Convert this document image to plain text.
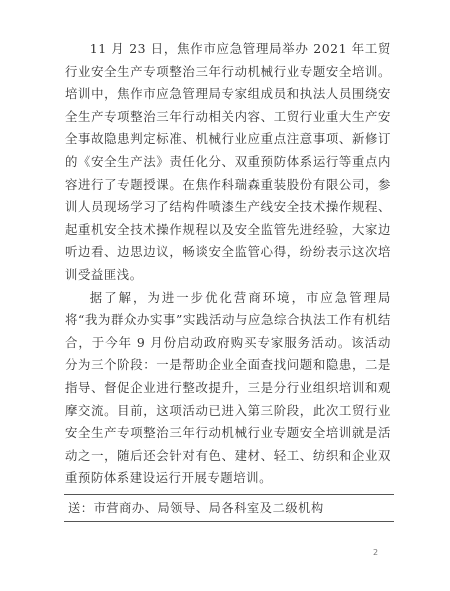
11 月 23 日，焦作市应急管理局举办 2021 年工贸行业安全生产专项整治三年行动机械行业专题安全培训。培训中，焦作市应急管理局专家组成员和执法人员围绕安全生产专项整治三年行动相关内容、工贸行业重大生产安全事故隐患判定标准、机械行业应重点注意事项、新修订的《安全生产法》责任化分、双重预防体系运行等重点内容进行了专题授课。在焦作科瑞森重装股份有限公司，参训人员现场学习了结构件喷漆生产线安全技术操作规程、起重机安全技术操作规程以及安全监管先进经验，大家边听边看、边思边议，畅谈安全监管心得，纷纷表示这次培训受益匪浅。

据了解，为进一步优化营商环境，市应急管理局将“我为群众办实事”实践活动与应急综合执法工作有机结合，于今年 9 月份启动政府购买专家服务活动。该活动分为三个阶段：一是帮助企业全面查找问题和隐患，二是指导、督促企业进行整改提升，三是分行业组织培训和观摩交流。目前，这项活动已进入第三阶段，此次工贸行业安全生产专项整治三年行动机械行业专题安全培训就是活动之一，随后还会针对有色、建材、轻工、纺织和企业双重预防体系建设运行开展专题培训。

送：市营商办、局领导、局各科室及二级机构
2
